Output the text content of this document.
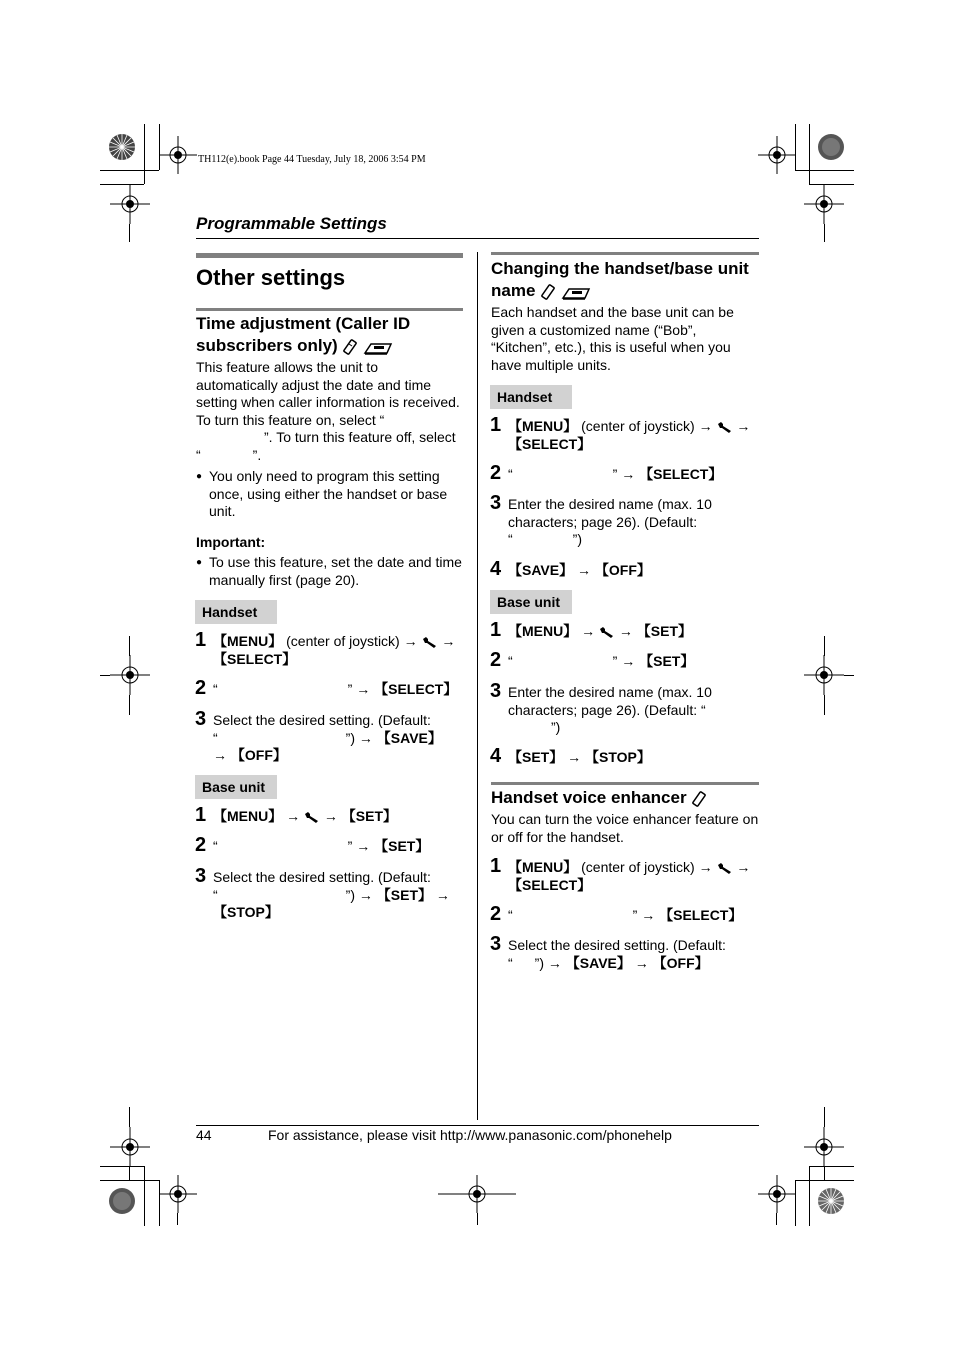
TH112(e).book Page 44 Tuesday, July 18, 2006 3:54 PM
Programmable Settings
Other settings
Time adjustment (Caller ID
subscribers only)
This feature allows the unit to
automatically adjust the date and time
setting when caller information is received.
To turn this feature on, select “
”. To turn this feature off, select
“	”.
● You only need to program this setting
once, using either the handset or base
unit.
Important:
● To use this feature, set the date and time
manually first (page 20).
Handset
1 【MENU】 (center of joystick) → →
【SELECT】
2 “	” → 【SELECT】
3 Select the desired setting. (Default:
“	”) → 【SAVE】
→ 【OFF】
Base unit
1 【MENU】 → → 【SET】
2 “	” → 【SET】
3 Select the desired setting. (Default:
“	”) → 【SET】 →
【STOP】
Changing the handset/base unit
name
Each handset and the base unit can be
given a customized name (“Bob”,
“Kitchen”, etc.), this is useful when you
have multiple units.
Handset
1 【MENU】 (center of joystick) → →
【SELECT】
2 “	” → 【SELECT】
3 Enter the desired name (max. 10
characters; page 26). (Default:
“	”)
4 【SAVE】 → 【OFF】
Base unit
1 【MENU】 → → 【SET】
2 “	” → 【SET】
3 Enter the desired name (max. 10
characters; page 26). (Default: “
”)
4 【SET】 → 【STOP】
Handset voice enhancer
You can turn the voice enhancer feature on
or off for the handset.
1 【MENU】 (center of joystick) → →
【SELECT】
2 “	” → 【SELECT】
3 Select the desired setting. (Default:
“ ”) → 【SAVE】 → 【OFF】
44	For assistance, please visit http://www.panasonic.com/phonehelp
